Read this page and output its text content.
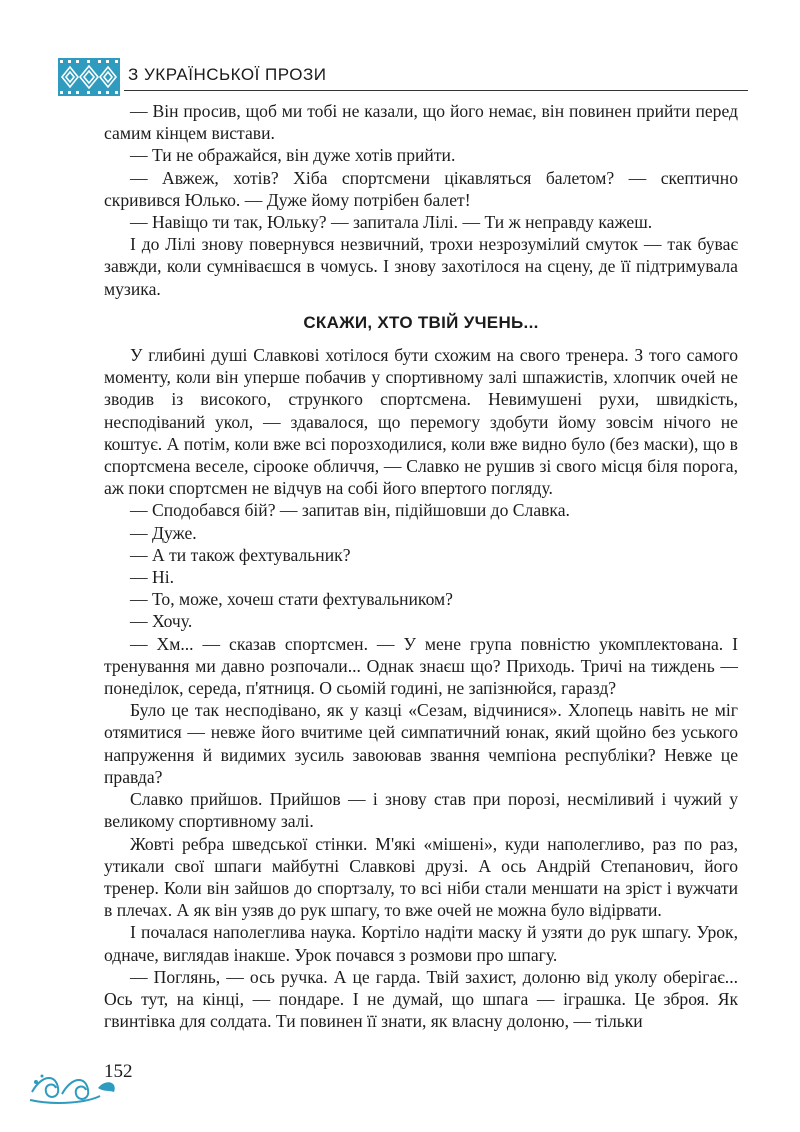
З УКРАЇНСЬКОЇ ПРОЗИ

— Він просив, щоб ми тобі не казали, що його немає, він повинен прийти перед самим кінцем вистави.

— Ти не ображайся, він дуже хотів прийти.

— Авжеж, хотів? Хіба спортсмени цікавляться балетом? — скептично скривився Юлько. — Дуже йому потрібен балет!

— Навіщо ти так, Юльку? — запитала Лілі. — Ти ж неправду кажеш.

І до Лілі знову повернувся незвичний, трохи незрозумілий смуток — так буває завжди, коли сумніваєшся в чомусь. І знову захотілося на сцену, де її підтримувала музика.

СКАЖИ, ХТО ТВІЙ УЧЕНЬ...

У глибині душі Славкові хотілося бути схожим на свого тренера. З того самого моменту, коли він уперше побачив у спортивному залі шпажистів, хлопчик очей не зводив із високого, стрункого спортсмена. Невимушені рухи, швидкість, несподіваний укол, — здавалося, що перемогу здобути йому зовсім нічого не коштує. А потім, коли вже всі порозходилися, коли вже видно було (без маски), що в спортсмена веселе, сіроокe обличчя, — Славко не рушив зі свого місця біля порога, аж поки спортсмен не відчув на собі його впертого погляду.

— Сподобався бій? — запитав він, підійшовши до Славка.

— Дуже.

— А ти також фехтувальник?

— Ні.

— То, може, хочеш стати фехтувальником?

— Хочу.

— Хм... — сказав спортсмен. — У мене група повністю укомплектована. І тренування ми давно розпочали... Однак знаєш що? Приходь. Тричі на тиждень — понеділок, середа, п'ятниця. О сьомій годині, не запізнюйся, гаразд?

Було це так несподівано, як у казці «Сезам, відчинися». Хлопець навіть не міг отямитися — невже його вчитиме цей симпатичний юнак, який щойно без уського напруження й видимих зусиль завоював звання чемпіона республіки? Невже це правда?

Славко прийшов. Прийшов — і знову став при порозі, несміливий і чужий у великому спортивному залі.

Жовті ребра шведської стінки. М'які «мішені», куди наполегливо, раз по раз, утикали свої шпаги майбутні Славкові друзі. А ось Андрій Степанович, його тренер. Коли він зайшов до спортзалу, то всі ніби стали меншати на зріст і вужчати в плечах. А як він узяв до рук шпагу, то вже очей не можна було відірвати.

І почалася наполеглива наука. Кортіло надіти маску й узяти до рук шпагу. Урок, одначе, виглядав інакше. Урок почався з розмови про шпагу.

— Поглянь, — ось ручка. А це гарда. Твій захист, долоню від уколу оберігає... Ось тут, на кінці, — пондаре. І не думай, що шпага — іграшка. Це зброя. Як гвинтівка для солдата. Ти повинен її знати, як власну долоню, — тільки

152
